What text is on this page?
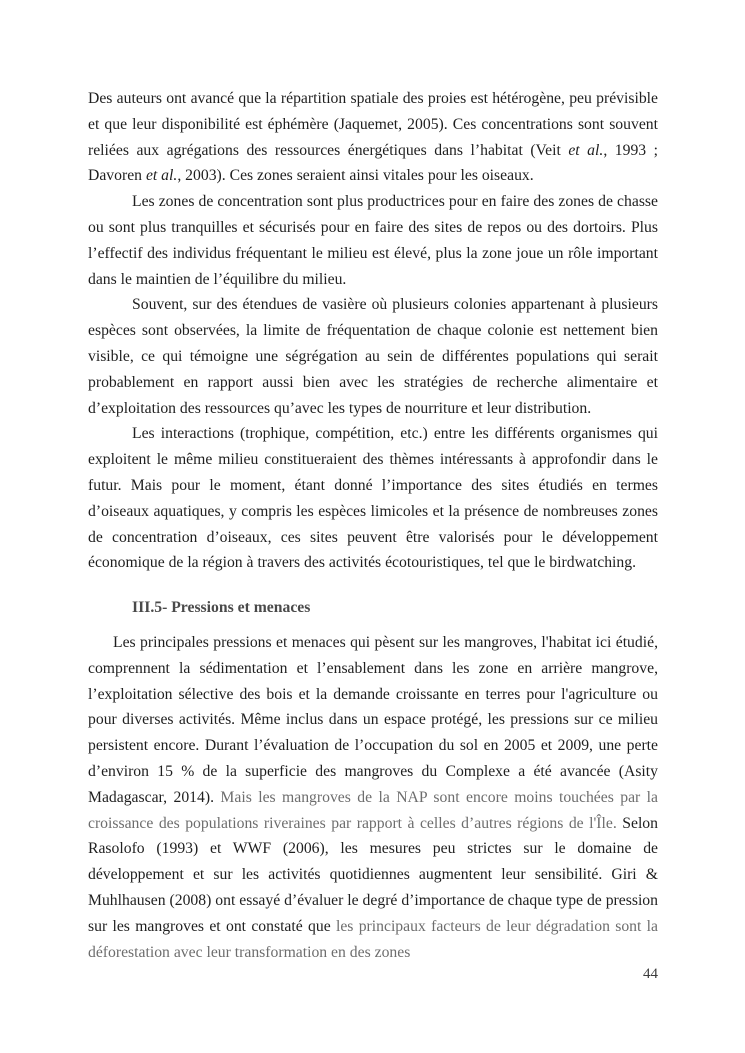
Des auteurs ont avancé que la répartition spatiale des proies est hétérogène, peu prévisible et que leur disponibilité est éphémère (Jaquemet, 2005). Ces concentrations sont souvent reliées aux agrégations des ressources énergétiques dans l’habitat (Veit et al., 1993 ; Davoren et al., 2003). Ces zones seraient ainsi vitales pour les oiseaux.

Les zones de concentration sont plus productrices pour en faire des zones de chasse ou sont plus tranquilles et sécurisés pour en faire des sites de repos ou des dortoirs. Plus l’effectif des individus fréquentant le milieu est élevé, plus la zone joue un rôle important dans le maintien de l’équilibre du milieu.

Souvent, sur des étendues de vasière où plusieurs colonies appartenant à plusieurs espèces sont observées, la limite de fréquentation de chaque colonie est nettement bien visible, ce qui témoigne une ségrégation au sein de différentes populations qui serait probablement en rapport aussi bien avec les stratégies de recherche alimentaire et d’exploitation des ressources qu’avec les types de nourriture et leur distribution.

Les interactions (trophique, compétition, etc.) entre les différents organismes qui exploitent le même milieu constitueraient des thèmes intéressants à approfondir dans le futur. Mais pour le moment, étant donné l’importance des sites étudiés en termes d’oiseaux aquatiques, y compris les espèces limicoles et la présence de nombreuses zones de concentration d’oiseaux, ces sites peuvent être valorisés pour le développement économique de la région à travers des activités écotouristiques, tel que le birdwatching.

III.5- Pressions et menaces

Les principales pressions et menaces qui pèsent sur les mangroves, l'habitat ici étudié, comprennent la sédimentation et l’ensablement dans les zone en arrière mangrove, l’exploitation sélective des bois et la demande croissante en terres pour l'agriculture ou pour diverses activités. Même inclus dans un espace protégé, les pressions sur ce milieu persistent encore. Durant l’évaluation de l’occupation du sol en 2005 et 2009, une perte d’environ 15 % de la superficie des mangroves du Complexe a été avancée (Asity Madagascar, 2014). Mais les mangroves de la NAP sont encore moins touchées par la croissance des populations riveraines par rapport à celles d’autres régions de l'Île. Selon Rasolofo (1993) et WWF (2006), les mesures peu strictes sur le domaine de développement et sur les activités quotidiennes augmentent leur sensibilité. Giri & Muhlhausen (2008) ont essayé d’évaluer le degré d’importance de chaque type de pression sur les mangroves et ont constaté que les principaux facteurs de leur dégradation sont la déforestation avec leur transformation en des zones

44
